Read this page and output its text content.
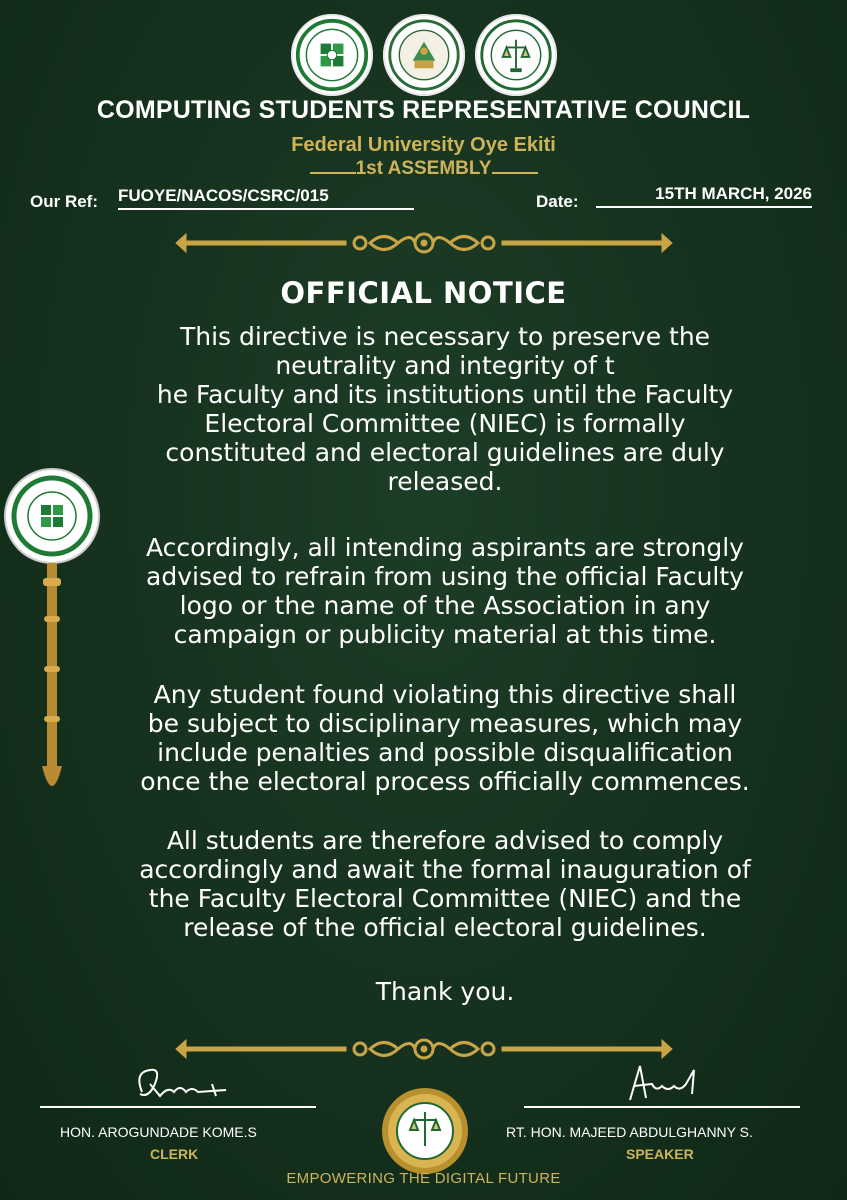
COMPUTING STUDENTS REPRESENTATIVE COUNCIL
Federal University Oye Ekiti
1st ASSEMBLY
Our Ref: FUOYE/NACOS/CSRC/015	Date:	15TH MARCH, 2026
OFFICIAL NOTICE
This directive is necessary to preserve the
neutrality and integrity of t
he Faculty and its institutions until the Faculty
Electoral Committee (NIEC) is formally
constituted and electoral guidelines are duly
released.
Accordingly, all intending aspirants are strongly
advised to refrain from using the official Faculty
logo or the name of the Association in any
campaign or publicity material at this time.
Any student found violating this directive shall
be subject to disciplinary measures, which may
include penalties and possible disqualification
once the electoral process officially commences.
All students are therefore advised to comply
accordingly and await the formal inauguration of
the Faculty Electoral Committee (NIEC) and the
release of the official electoral guidelines.
Thank you.
HON. AROGUNDADE KOME.S
CLERK
RT. HON. MAJEED ABDULGHANNY S.
SPEAKER
EMPOWERING THE DIGITAL FUTURE
